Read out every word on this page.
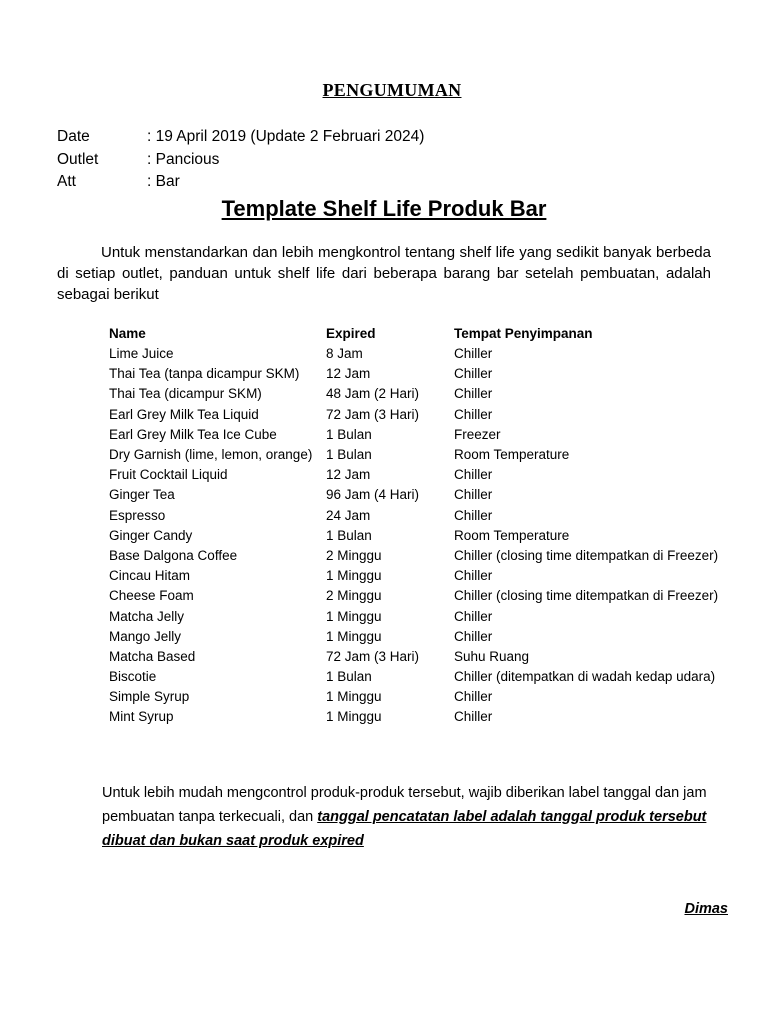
PENGUMUMAN
Date	: 19 April 2019 (Update 2 Februari 2024)
Outlet	: Pancious
Att	: Bar
Template Shelf Life Produk Bar

Untuk menstandarkan dan lebih mengkontrol tentang shelf life yang sedikit banyak berbeda di setiap outlet, panduan untuk shelf life dari beberapa barang bar setelah pembuatan, adalah sebagai berikut

Name	Expired	Tempat Penyimpanan
Lime Juice	8 Jam	Chiller
Thai Tea (tanpa dicampur SKM)	12 Jam	Chiller
Thai Tea (dicampur SKM)	48 Jam (2 Hari)	Chiller
Earl Grey Milk Tea Liquid	72 Jam (3 Hari)	Chiller
Earl Grey Milk Tea Ice Cube	1 Bulan	Freezer
Dry Garnish (lime, lemon, orange)	1 Bulan	Room Temperature
Fruit Cocktail Liquid	12 Jam	Chiller
Ginger Tea	96 Jam (4 Hari)	Chiller
Espresso	24 Jam	Chiller
Ginger Candy	1 Bulan	Room Temperature
Base Dalgona Coffee	2 Minggu	Chiller (closing time ditempatkan di Freezer)
Cincau Hitam	1 Minggu	Chiller
Cheese Foam	2 Minggu	Chiller (closing time ditempatkan di Freezer)
Matcha Jelly	1 Minggu	Chiller
Mango Jelly	1 Minggu	Chiller
Matcha Based	72 Jam (3 Hari)	Suhu Ruang
Biscotie	1 Bulan	Chiller (ditempatkan di wadah kedap udara)
Simple Syrup	1 Minggu	Chiller
Mint Syrup	1 Minggu	Chiller
Untuk lebih mudah mengcontrol produk-produk tersebut, wajib diberikan label tanggal dan jam pembuatan tanpa terkecuali, dan tanggal pencatatan label adalah tanggal produk tersebut dibuat dan bukan saat produk expired
Dimas
